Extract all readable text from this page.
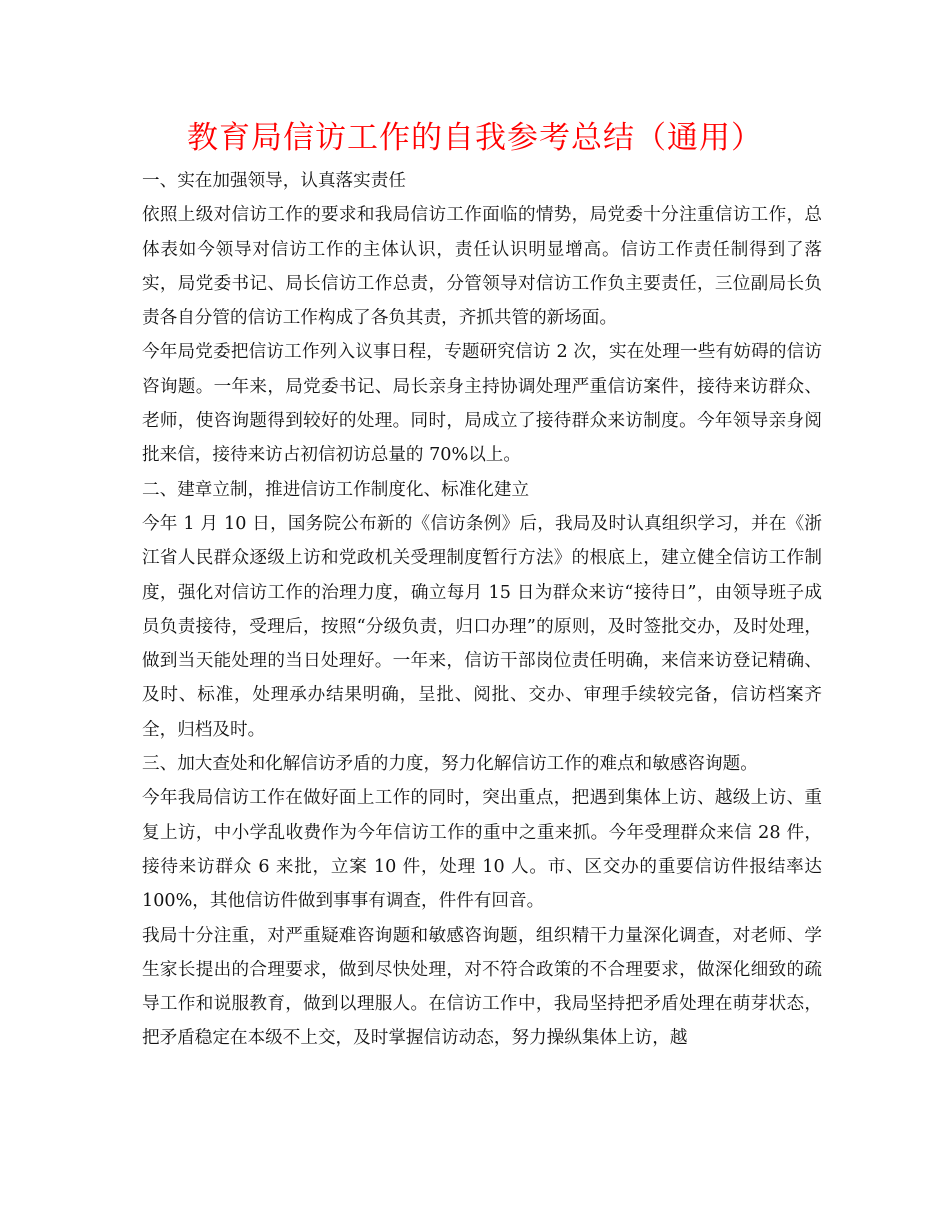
教育局信访工作的自我参考总结（通用）

一、实在加强领导，认真落实责任

依照上级对信访工作的要求和我局信访工作面临的情势，局党委十分注重信访工作，总体表如今领导对信访工作的主体认识，责任认识明显增高。信访工作责任制得到了落实，局党委书记、局长信访工作总责，分管领导对信访工作负主要责任，三位副局长负责各自分管的信访工作构成了各负其责，齐抓共管的新场面。

今年局党委把信访工作列入议事日程，专题研究信访 2 次，实在处理一些有妨碍的信访咨询题。一年来，局党委书记、局长亲身主持协调处理严重信访案件，接待来访群众、老师，使咨询题得到较好的处理。同时，局成立了接待群众来访制度。今年领导亲身阅批来信，接待来访占初信初访总量的 70%以上。

二、建章立制，推进信访工作制度化、标准化建立

今年 1 月 10 日，国务院公布新的《信访条例》后，我局及时认真组织学习，并在《浙江省人民群众逐级上访和党政机关受理制度暂行方法》的根底上，建立健全信访工作制度，强化对信访工作的治理力度，确立每月 15 日为群众来访“接待日”，由领导班子成员负责接待，受理后，按照“分级负责，归口办理”的原则，及时签批交办，及时处理，做到当天能处理的当日处理好。一年来，信访干部岗位责任明确，来信来访登记精确、及时、标准，处理承办结果明确，呈批、阅批、交办、审理手续较完备，信访档案齐全，归档及时。

三、加大查处和化解信访矛盾的力度，努力化解信访工作的难点和敏感咨询题。

今年我局信访工作在做好面上工作的同时，突出重点，把遇到集体上访、越级上访、重复上访，中小学乱收费作为今年信访工作的重中之重来抓。今年受理群众来信 28 件，接待来访群众 6 来批，立案 10 件，处理 10 人。市、区交办的重要信访件报结率达 100%，其他信访件做到事事有调查，件件有回音。

我局十分注重，对严重疑难咨询题和敏感咨询题，组织精干力量深化调查，对老师、学生家长提出的合理要求，做到尽快处理，对不符合政策的不合理要求，做深化细致的疏导工作和说服教育，做到以理服人。在信访工作中，我局坚持把矛盾处理在萌芽状态，把矛盾稳定在本级不上交，及时掌握信访动态，努力操纵集体上访，越
